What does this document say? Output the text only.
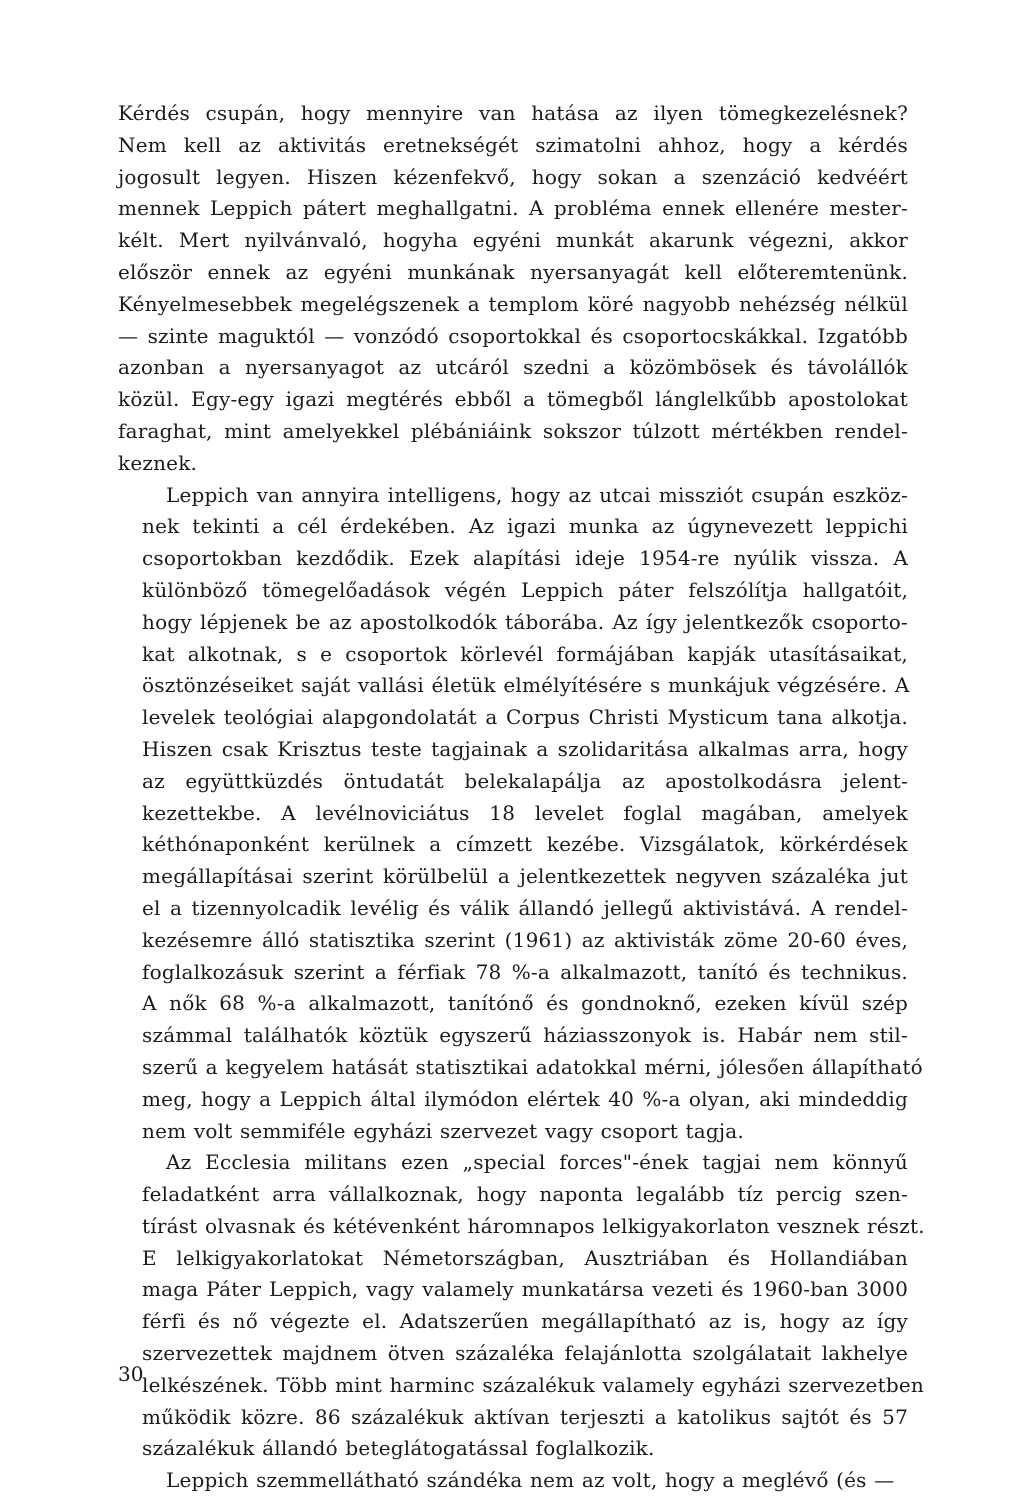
Kérdés csupán, hogy mennyire van hatása az ilyen tömegkezelésnek?
Nem kell az aktivitás eretnekségét szimatolni ahhoz, hogy a kérdés
jogosult legyen. Hiszen kézenfekvő, hogy sokan a szenzáció kedvéért
mennek Leppich pátert meghallgatni. A probléma ennek ellenére mester-
kélt. Mert nyilvánvaló, hogyha egyéni munkát akarunk végezni, akkor
először ennek az egyéni munkának nyersanyagát kell előteremtenünk.
Kényelmesebbek megelégszenek a templom köré nagyobb nehézség nélkül
— szinte maguktól — vonzódó csoportokkal és csoportocskákkal. Izgatóbb
azonban a nyersanyagot az utcáról szedni a közömbösek és távolállók
közül. Egy-egy igazi megtérés ebből a tömegből lánglelkűbb apostolokat
faraghat, mint amelyekkel plébániáink sokszor túlzott mértékben rendel-
keznek.
Leppich van annyira intelligens, hogy az utcai missziót csupán eszköz-
nek tekinti a cél érdekében. Az igazi munka az úgynevezett leppichi
csoportokban kezdődik. Ezek alapítási ideje 1954-re nyúlik vissza. A
különböző tömegelőadások végén Leppich páter felszólítja hallgatóit,
hogy lépjenek be az apostolkodók táborába. Az így jelentkezők csoporto-
kat alkotnak, s e csoportok körlevél formájában kapják utasításaikat,
ösztönzéseiket saját vallási életük elmélyítésére s munkájuk végzésére. A
levelek teológiai alapgondolatát a Corpus Christi Mysticum tana alkotja.
Hiszen csak Krisztus teste tagjainak a szolidaritása alkalmas arra, hogy
az együttküzdés öntudatát belekalapálja az apostolkodásra jelent-
kezettekbe. A levélnoviciátus 18 levelet foglal magában, amelyek
kéthónaponként kerülnek a címzett kezébe. Vizsgálatok, körkérdések
megállapításai szerint körülbelül a jelentkezettek negyven százaléka jut
el a tizennyolcadik levélig és válik állandó jellegű aktivistává. A rendel-
kezésemre álló statisztika szerint (1961) az aktivisták zöme 20-60 éves,
foglalkozásuk szerint a férfiak 78 %-a alkalmazott, tanító és technikus.
A nők 68 %-a alkalmazott, tanítónő és gondnoknő, ezeken kívül szép
számmal találhatók köztük egyszerű háziasszonyok is. Habár nem stil-
szerű a kegyelem hatását statisztikai adatokkal mérni, jólesően állapítható
meg, hogy a Leppich által ilymódon elértek 40 %-a olyan, aki mindeddig
nem volt semmiféle egyházi szervezet vagy csoport tagja.
Az Ecclesia militans ezen „special forces"-ének tagjai nem könnyű
feladatként arra vállalkoznak, hogy naponta legalább tíz percig szen-
tírást olvasnak és kétévenként háromnapos lelkigyakorlaton vesznek részt.
E lelkigyakorlatokat Németországban, Ausztriában és Hollandiában
maga Páter Leppich, vagy valamely munkatársa vezeti és 1960-ban 3000
férfi és nő végezte el. Adatszerűen megállapítható az is, hogy az így
szervezettek majdnem ötven százaléka felajánlotta szolgálatait lakhelye
lelkészének. Több mint harminc százalékuk valamely egyházi szervezetben
működik közre. 86 százalékuk aktívan terjeszti a katolikus sajtót és 57
százalékuk állandó beteglátogatással foglalkozik.
Leppich szemmellátható szándéka nem az volt, hogy a meglévő (és —
30
